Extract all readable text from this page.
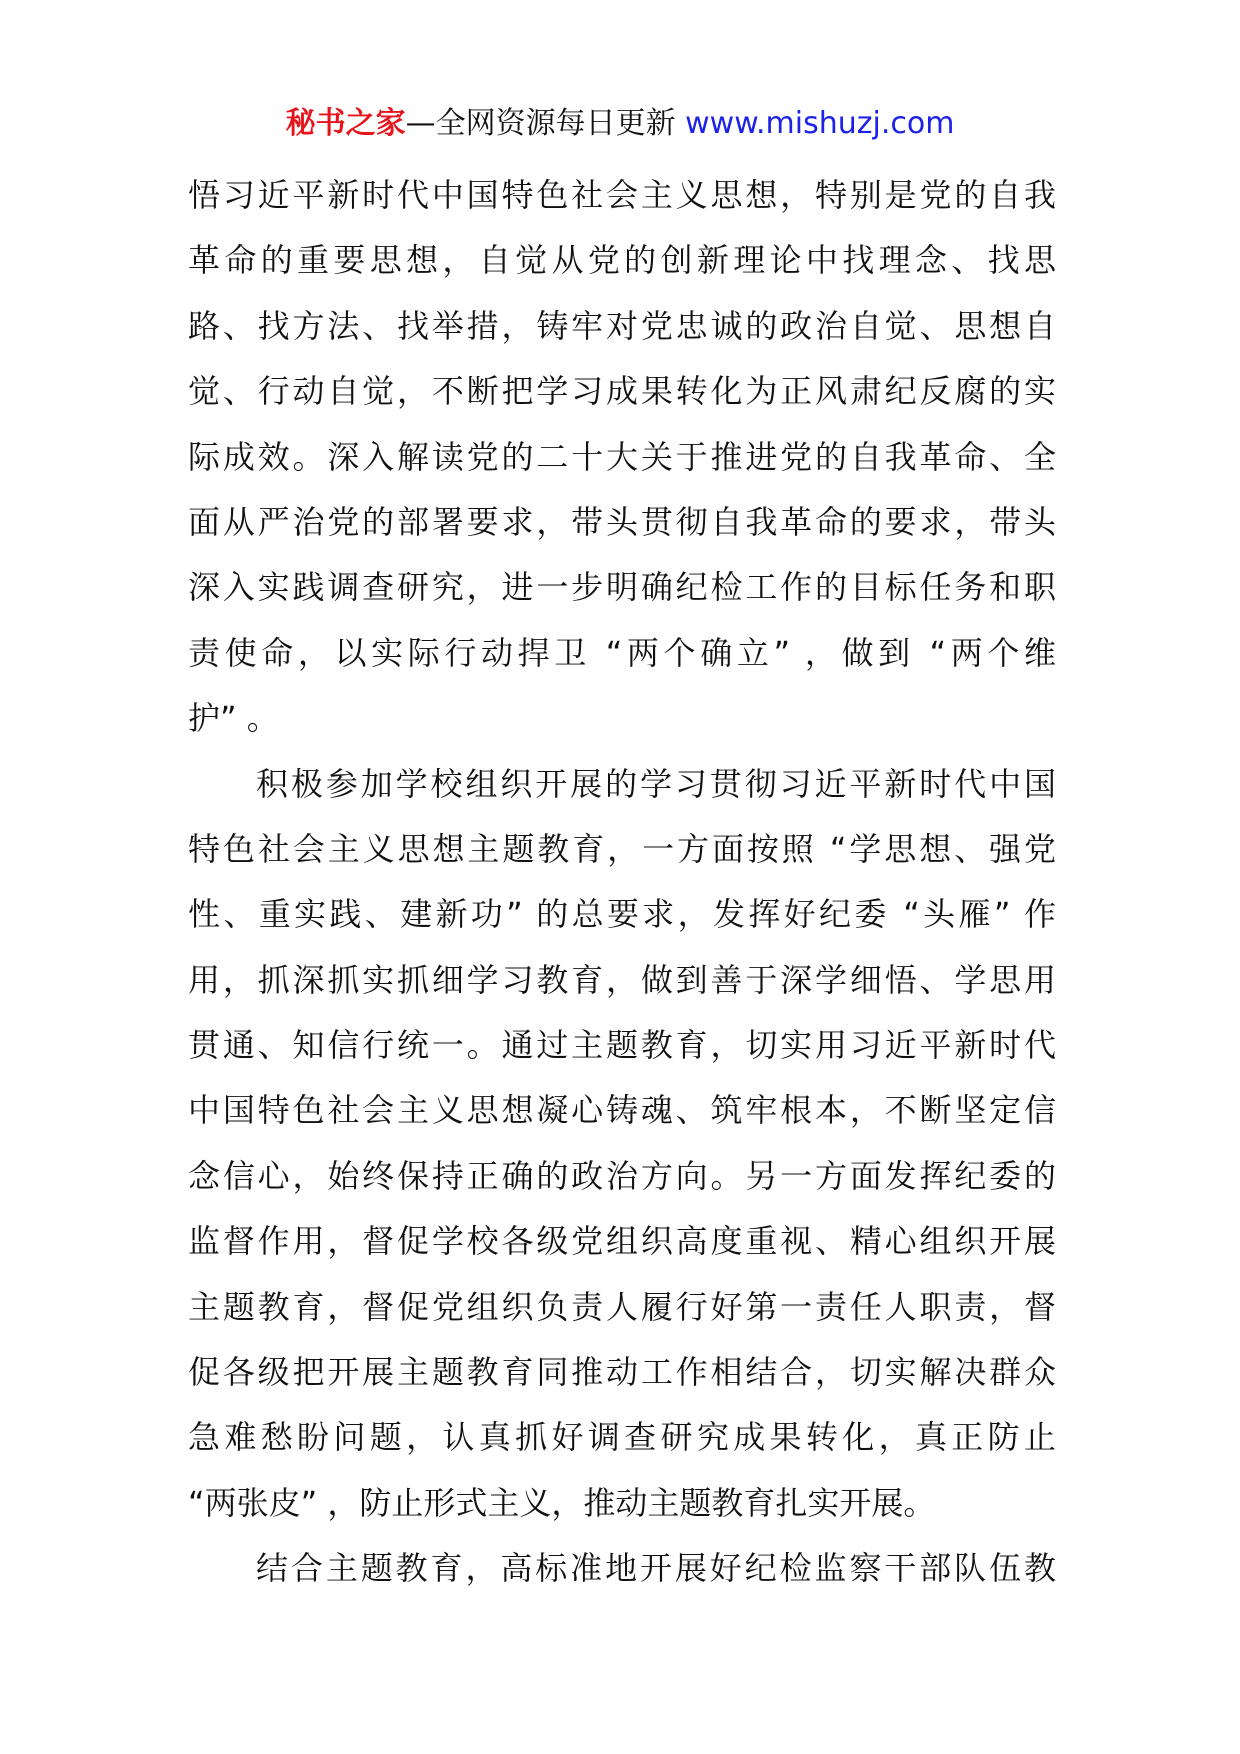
秘书之家—全网资源每日更新 www.mishuzj.com
悟习近平新时代中国特色社会主义思想，特别是党的自我
革命的重要思想，自觉从党的创新理论中找理念、找思
路、找方法、找举措，铸牢对党忠诚的政治自觉、思想自
觉、行动自觉，不断把学习成果转化为正风肃纪反腐的实
际成效。深入解读党的二十大关于推进党的自我革命、全
面从严治党的部署要求，带头贯彻自我革命的要求，带头
深入实践调查研究，进一步明确纪检工作的目标任务和职
责使命，以实际行动捍卫 “两个确立” ，做到 “两个维
护” 。
积极参加学校组织开展的学习贯彻习近平新时代中国
特色社会主义思想主题教育，一方面按照 “学思想、强党
性、重实践、建新功” 的总要求，发挥好纪委 “头雁” 作
用，抓深抓实抓细学习教育，做到善于深学细悟、学思用
贯通、知信行统一。通过主题教育，切实用习近平新时代
中国特色社会主义思想凝心铸魂、筑牢根本，不断坚定信
念信心，始终保持正确的政治方向。另一方面发挥纪委的
监督作用，督促学校各级党组织高度重视、精心组织开展
主题教育，督促党组织负责人履行好第一责任人职责，督
促各级把开展主题教育同推动工作相结合，切实解决群众
急难愁盼问题，认真抓好调查研究成果转化，真正防止
“两张皮” ，防止形式主义，推动主题教育扎实开展。
结合主题教育，高标准地开展好纪检监察干部队伍教
